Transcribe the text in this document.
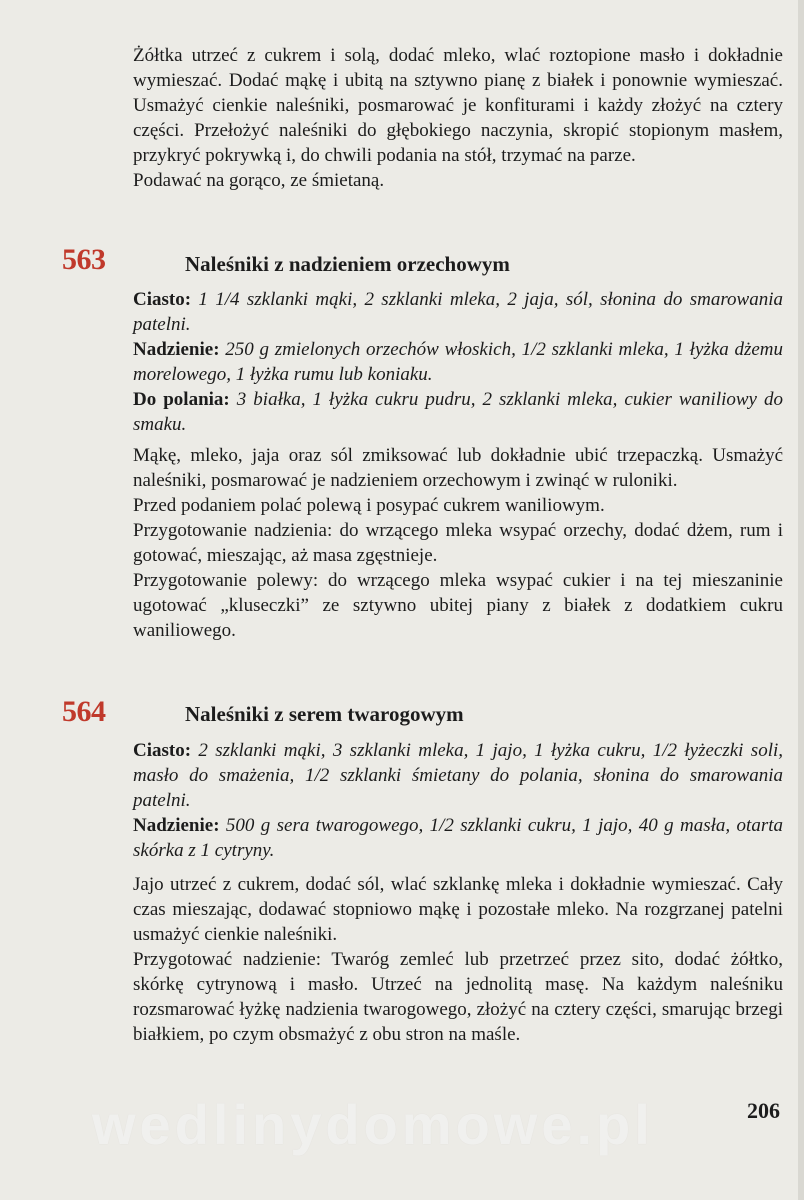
Żółtka utrzeć z cukrem i solą, dodać mleko, wlać roztopione masło i dokładnie wymieszać. Dodać mąkę i ubitą na sztywno pianę z białek i ponownie wymieszać. Usmażyć cienkie naleśniki, posmarować je konfiturami i każdy złożyć na cztery części. Przełożyć naleśniki do głębokiego naczynia, skropić stopionym masłem, przykryć pokrywką i, do chwili podania na stół, trzymać na parze.

Podawać na gorąco, ze śmietaną.

563	Naleśniki z nadzieniem orzechowym

Ciasto: 1 1/4 szklanki mąki, 2 szklanki mleka, 2 jaja, sól, słonina do smarowania patelni.

Nadzienie: 250 g zmielonych orzechów włoskich, 1/2 szklanki mleka, 1 łyżka dżemu morelowego, 1 łyżka rumu lub koniaku.

Do polania: 3 białka, 1 łyżka cukru pudru, 2 szklanki mleka, cukier waniliowy do smaku.

Mąkę, mleko, jaja oraz sól zmiksować lub dokładnie ubić trzepaczką. Usmażyć naleśniki, posmarować je nadzieniem orzechowym i zwinąć w ruloniki.

Przed podaniem polać polewą i posypać cukrem waniliowym.

Przygotowanie nadzienia: do wrzącego mleka wsypać orzechy, dodać dżem, rum i gotować, mieszając, aż masa zgęstnieje.

Przygotowanie polewy: do wrzącego mleka wsypać cukier i na tej mieszaninie ugotować „kluseczki” ze sztywno ubitej piany z białek z dodatkiem cukru waniliowego.

564	Naleśniki z serem twarogowym

Ciasto: 2 szklanki mąki, 3 szklanki mleka, 1 jajo, 1 łyżka cukru, 1/2 łyżeczki soli, masło do smażenia, 1/2 szklanki śmietany do polania, słonina do smarowania patelni.

Nadzienie: 500 g sera twarogowego, 1/2 szklanki cukru, 1 jajo, 40 g masła, otarta skórka z 1 cytryny.

Jajo utrzeć z cukrem, dodać sól, wlać szklankę mleka i dokładnie wymieszać. Cały czas mieszając, dodawać stopniowo mąkę i pozostałe mleko. Na rozgrzanej patelni usmażyć cienkie naleśniki.

Przygotować nadzienie: Twaróg zemleć lub przetrzeć przez sito, dodać żółtko, skórkę cytrynową i masło. Utrzeć na jednolitą masę. Na każdym naleśniku rozsmarować łyżkę nadzienia twarogowego, złożyć na cztery części, smarując brzegi białkiem, po czym obsmażyć z obu stron na maśle.

wedlinydomowe.pl	206
